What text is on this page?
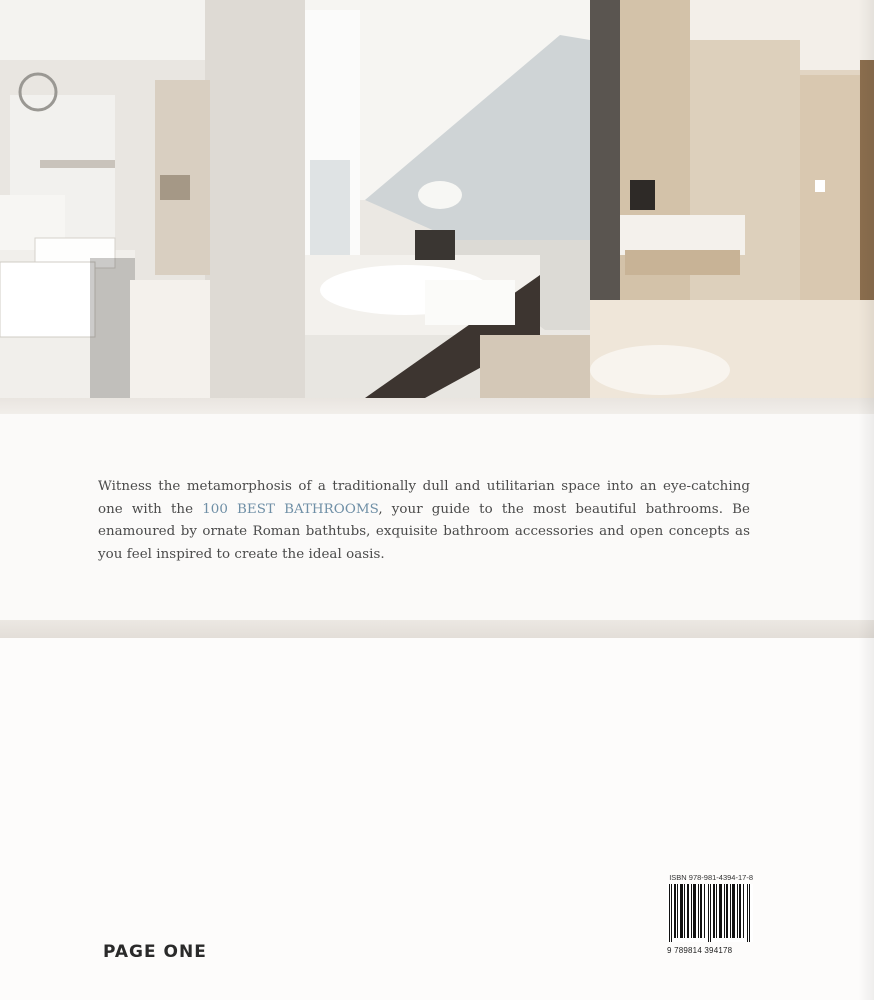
Witness the metamorphosis of a traditionally dull and utilitarian space into an eye-catching one with the 100 BEST BATHROOMS, your guide to the most beautiful bathrooms. Be enamoured by ornate Roman bathtubs, exquisite bathroom accessories and open concepts as you feel inspired to create the ideal oasis.

PAGE ONE
ISBN 978-981-4394-17-8
9 789814 394178
